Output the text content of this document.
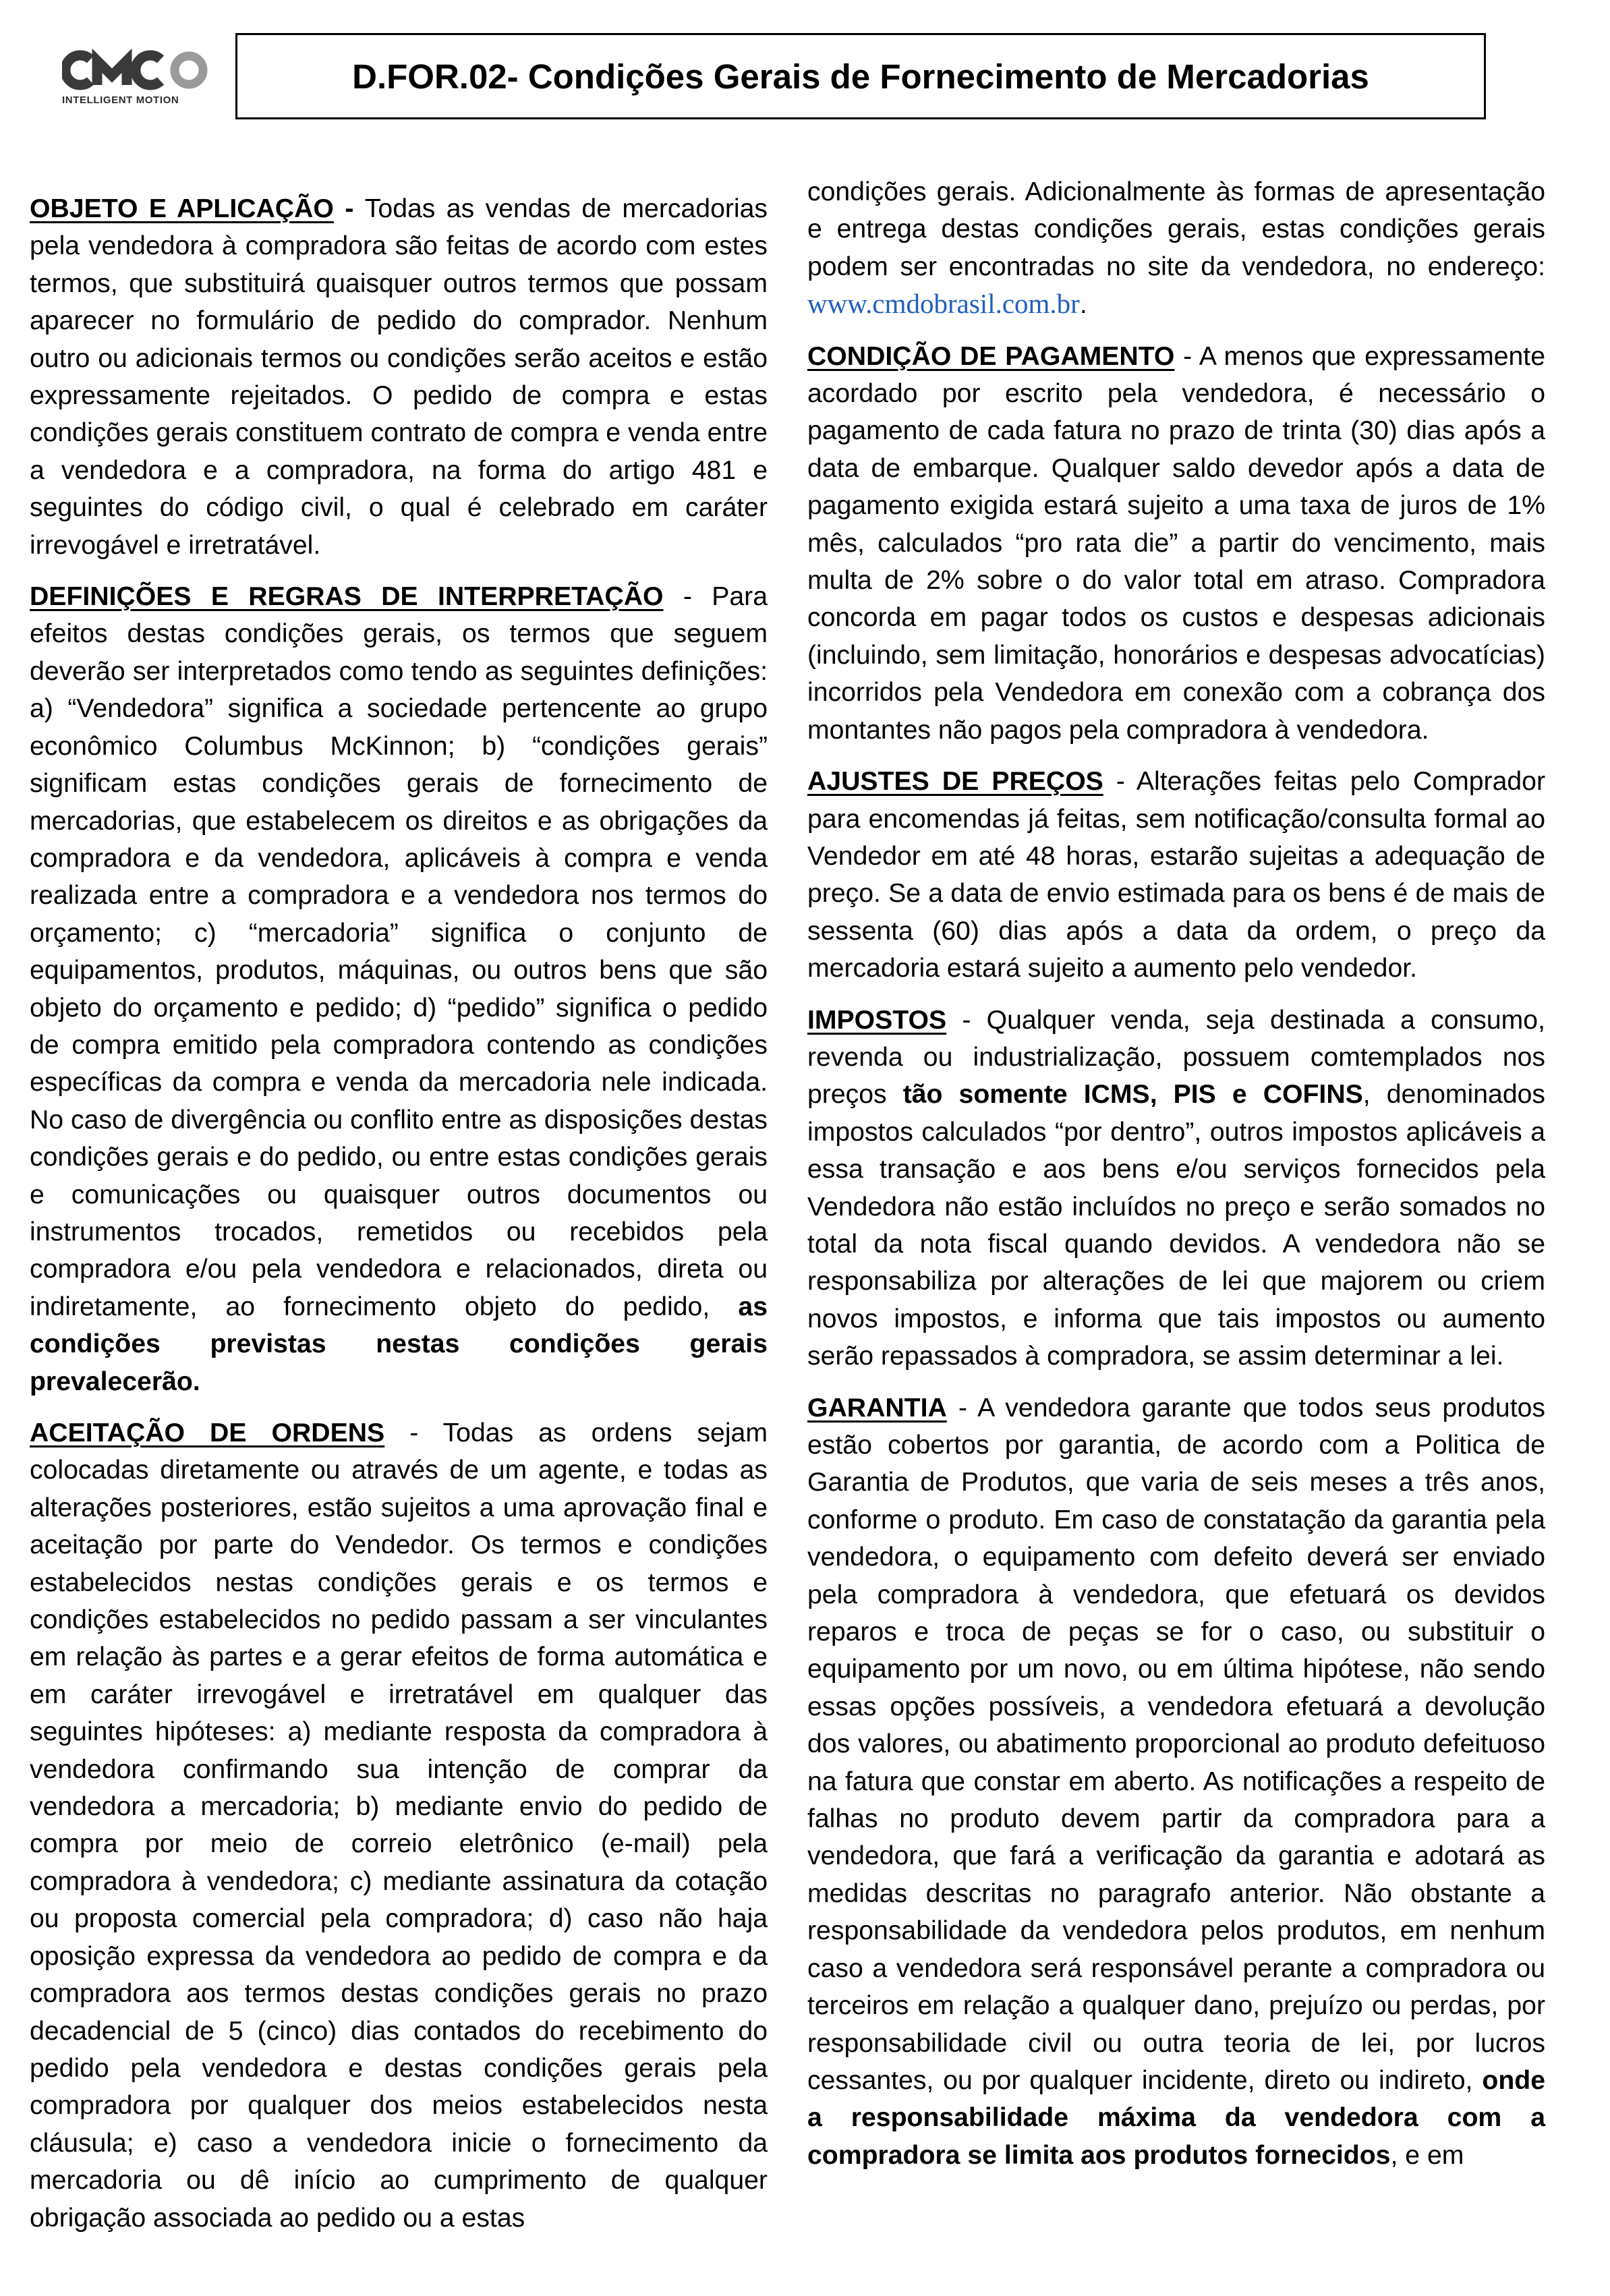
INTELLIGENT MOTION
D.FOR.02- Condições Gerais de Fornecimento de Mercadorias

OBJETO E APLICAÇÃO - Todas as vendas de mercadorias pela vendedora à compradora são feitas de acordo com estes termos, que substituirá quaisquer outros termos que possam aparecer no formulário de pedido do comprador. Nenhum outro ou adicionais termos ou condições serão aceitos e estão expressamente rejeitados. O pedido de compra e estas condições gerais constituem contrato de compra e venda entre a vendedora e a compradora, na forma do artigo 481 e seguintes do código civil, o qual é celebrado em caráter irrevogável e irretratável.

DEFINIÇÕES E REGRAS DE INTERPRETAÇÃO - Para efeitos destas condições gerais, os termos que seguem deverão ser interpretados como tendo as seguintes definições: a) “Vendedora” significa a sociedade pertencente ao grupo econômico Columbus McKinnon; b) “condições gerais” significam estas condições gerais de fornecimento de mercadorias, que estabelecem os direitos e as obrigações da compradora e da vendedora, aplicáveis à compra e venda realizada entre a compradora e a vendedora nos termos do orçamento; c) “mercadoria” significa o conjunto de equipamentos, produtos, máquinas, ou outros bens que são objeto do orçamento e pedido; d) “pedido” significa o pedido de compra emitido pela compradora contendo as condições específicas da compra e venda da mercadoria nele indicada. No caso de divergência ou conflito entre as disposições destas condições gerais e do pedido, ou entre estas condições gerais e comunicações ou quaisquer outros documentos ou instrumentos trocados, remetidos ou recebidos pela compradora e/ou pela vendedora e relacionados, direta ou indiretamente, ao fornecimento objeto do pedido, as condições previstas nestas condições gerais prevalecerão.

ACEITAÇÃO DE ORDENS - Todas as ordens sejam colocadas diretamente ou através de um agente, e todas as alterações posteriores, estão sujeitos a uma aprovação final e aceitação por parte do Vendedor. Os termos e condições estabelecidos nestas condições gerais e os termos e condições estabelecidos no pedido passam a ser vinculantes em relação às partes e a gerar efeitos de forma automática e em caráter irrevogável e irretratável em qualquer das seguintes hipóteses: a) mediante resposta da compradora à vendedora confirmando sua intenção de comprar da vendedora a mercadoria; b) mediante envio do pedido de compra por meio de correio eletrônico (e-mail) pela compradora à vendedora; c) mediante assinatura da cotação ou proposta comercial pela compradora; d) caso não haja oposição expressa da vendedora ao pedido de compra e da compradora aos termos destas condições gerais no prazo decadencial de 5 (cinco) dias contados do recebimento do pedido pela vendedora e destas condições gerais pela compradora por qualquer dos meios estabelecidos nesta cláusula; e) caso a vendedora inicie o fornecimento da mercadoria ou dê início ao cumprimento de qualquer obrigação associada ao pedido ou a estas

condições gerais. Adicionalmente às formas de apresentação e entrega destas condições gerais, estas condições gerais podem ser encontradas no site da vendedora, no endereço: www.cmdobrasil.com.br.

CONDIÇÃO DE PAGAMENTO - A menos que expressamente acordado por escrito pela vendedora, é necessário o pagamento de cada fatura no prazo de trinta (30) dias após a data de embarque. Qualquer saldo devedor após a data de pagamento exigida estará sujeito a uma taxa de juros de 1% mês, calculados “pro rata die” a partir do vencimento, mais multa de 2% sobre o do valor total em atraso. Compradora concorda em pagar todos os custos e despesas adicionais (incluindo, sem limitação, honorários e despesas advocatícias) incorridos pela Vendedora em conexão com a cobrança dos montantes não pagos pela compradora à vendedora.

AJUSTES DE PREÇOS - Alterações feitas pelo Comprador para encomendas já feitas, sem notificação/consulta formal ao Vendedor em até 48 horas, estarão sujeitas a adequação de preço. Se a data de envio estimada para os bens é de mais de sessenta (60) dias após a data da ordem, o preço da mercadoria estará sujeito a aumento pelo vendedor.

IMPOSTOS - Qualquer venda, seja destinada a consumo, revenda ou industrialização, possuem comtemplados nos preços tão somente ICMS, PIS e COFINS, denominados impostos calculados “por dentro”, outros impostos aplicáveis a essa transação e aos bens e/ou serviços fornecidos pela Vendedora não estão incluídos no preço e serão somados no total da nota fiscal quando devidos. A vendedora não se responsabiliza por alterações de lei que majorem ou criem novos impostos, e informa que tais impostos ou aumento serão repassados à compradora, se assim determinar a lei.

GARANTIA - A vendedora garante que todos seus produtos estão cobertos por garantia, de acordo com a Politica de Garantia de Produtos, que varia de seis meses a três anos, conforme o produto. Em caso de constatação da garantia pela vendedora, o equipamento com defeito deverá ser enviado pela compradora à vendedora, que efetuará os devidos reparos e troca de peças se for o caso, ou substituir o equipamento por um novo, ou em última hipótese, não sendo essas opções possíveis, a vendedora efetuará a devolução dos valores, ou abatimento proporcional ao produto defeituoso na fatura que constar em aberto. As notificações a respeito de falhas no produto devem partir da compradora para a vendedora, que fará a verificação da garantia e adotará as medidas descritas no paragrafo anterior. Não obstante a responsabilidade da vendedora pelos produtos, em nenhum caso a vendedora será responsável perante a compradora ou terceiros em relação a qualquer dano, prejuízo ou perdas, por responsabilidade civil ou outra teoria de lei, por lucros cessantes, ou por qualquer incidente, direto ou indireto, onde a responsabilidade máxima da vendedora com a compradora se limita aos produtos fornecidos, e em
